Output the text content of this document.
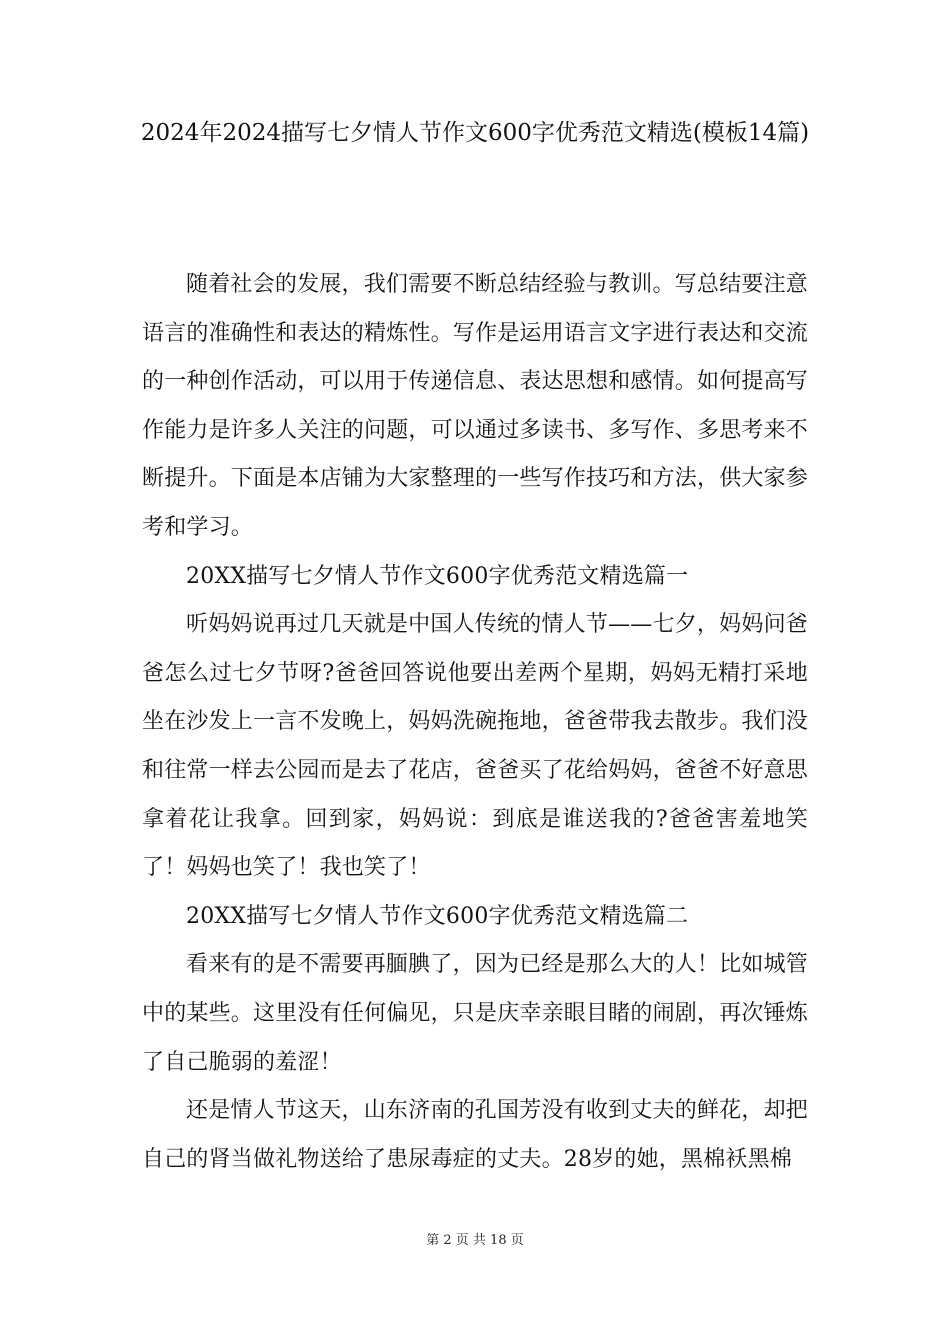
2024年2024描写七夕情人节作文600字优秀范文精选(模板14篇)

随着社会的发展，我们需要不断总结经验与教训。写总结要注意语言的准确性和表达的精炼性。写作是运用语言文字进行表达和交流的一种创作活动，可以用于传递信息、表达思想和感情。如何提高写作能力是许多人关注的问题，可以通过多读书、多写作、多思考来不断提升。下面是本店铺为大家整理的一些写作技巧和方法，供大家参考和学习。

20XX描写七夕情人节作文600字优秀范文精选篇一

听妈妈说再过几天就是中国人传统的情人节——七夕，妈妈问爸爸怎么过七夕节呀?爸爸回答说他要出差两个星期，妈妈无精打采地坐在沙发上一言不发晚上，妈妈洗碗拖地，爸爸带我去散步。我们没和往常一样去公园而是去了花店，爸爸买了花给妈妈，爸爸不好意思拿着花让我拿。回到家，妈妈说：到底是谁送我的?爸爸害羞地笑了！妈妈也笑了！我也笑了！

20XX描写七夕情人节作文600字优秀范文精选篇二

看来有的是不需要再腼腆了，因为已经是那么大的人！比如城管中的某些。这里没有任何偏见，只是庆幸亲眼目睹的闹剧，再次锤炼了自己脆弱的羞涩！

还是情人节这天，山东济南的孔国芳没有收到丈夫的鲜花，却把自己的肾当做礼物送给了患尿毒症的丈夫。28岁的她，黑棉袄黑棉

第 2 页 共 18 页
